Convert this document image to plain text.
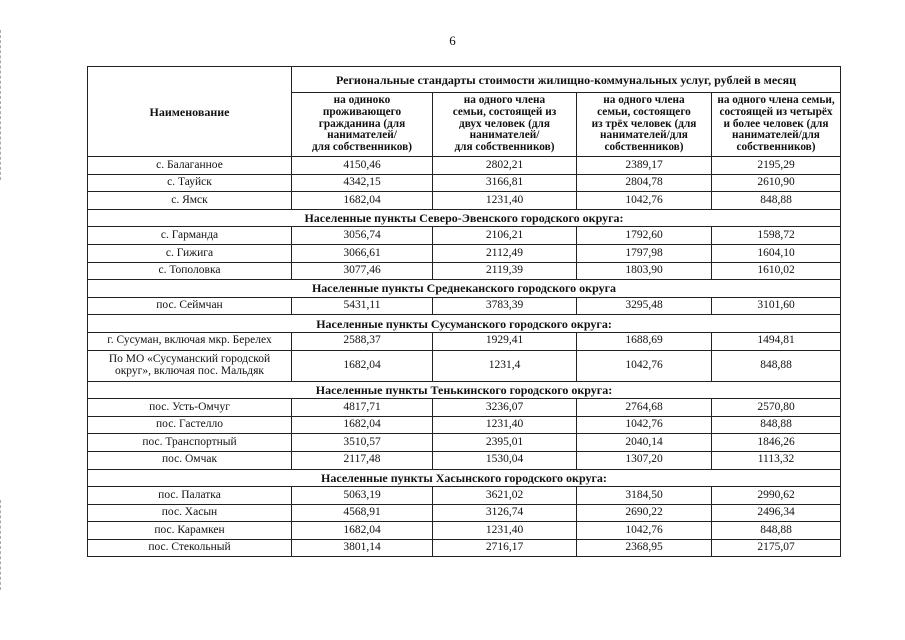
6
Наименование	Региональные стандарты стоимости жилищно-коммунальных услуг, рублей в месяц			
	на одиноко
проживающего
гражданина (для
нанимателей/
для собственников)	на одного члена
семьи, состоящей из
двух человек (для
нанимателей/
для собственников)	на одного члена
семьи, состоящего
из трёх человек (для
нанимателей/для
собственников)	на одного члена семьи,
состоящей из четырёх
и более человек (для
нанимателей/для
собственников)
с. Балаганное	4150,46	2802,21	2389,17	2195,29
с. Тауйск	4342,15	3166,81	2804,78	2610,90
с. Ямск	1682,04	1231,40	1042,76	848,88
Населенные пункты Северо-Эвенского городского округа:				
с. Гарманда	3056,74	2106,21	1792,60	1598,72
с. Гижига	3066,61	2112,49	1797,98	1604,10
с. Тополовка	3077,46	2119,39	1803,90	1610,02
Населенные пункты Среднеканского городского округа				
пос. Сеймчан	5431,11	3783,39	3295,48	3101,60
Населенные пункты Сусуманского городского округа:				
г. Сусуман, включая мкр. Берелех	2588,37	1929,41	1688,69	1494,81
По МО «Сусуманский городской
округ», включая пос. Мальдяк	1682,04	1231,4	1042,76	848,88
Населенные пункты Тенькинского городского округа:				
пос. Усть-Омчуг	4817,71	3236,07	2764,68	2570,80
пос. Гастелло	1682,04	1231,40	1042,76	848,88
пос. Транспортный	3510,57	2395,01	2040,14	1846,26
пос. Омчак	2117,48	1530,04	1307,20	1113,32
Населенные пункты Хасынского городского округа:				
пос. Палатка	5063,19	3621,02	3184,50	2990,62
пос. Хасын	4568,91	3126,74	2690,22	2496,34
пос. Карамкен	1682,04	1231,40	1042,76	848,88
пос. Стекольный	3801,14	2716,17	2368,95	2175,07
